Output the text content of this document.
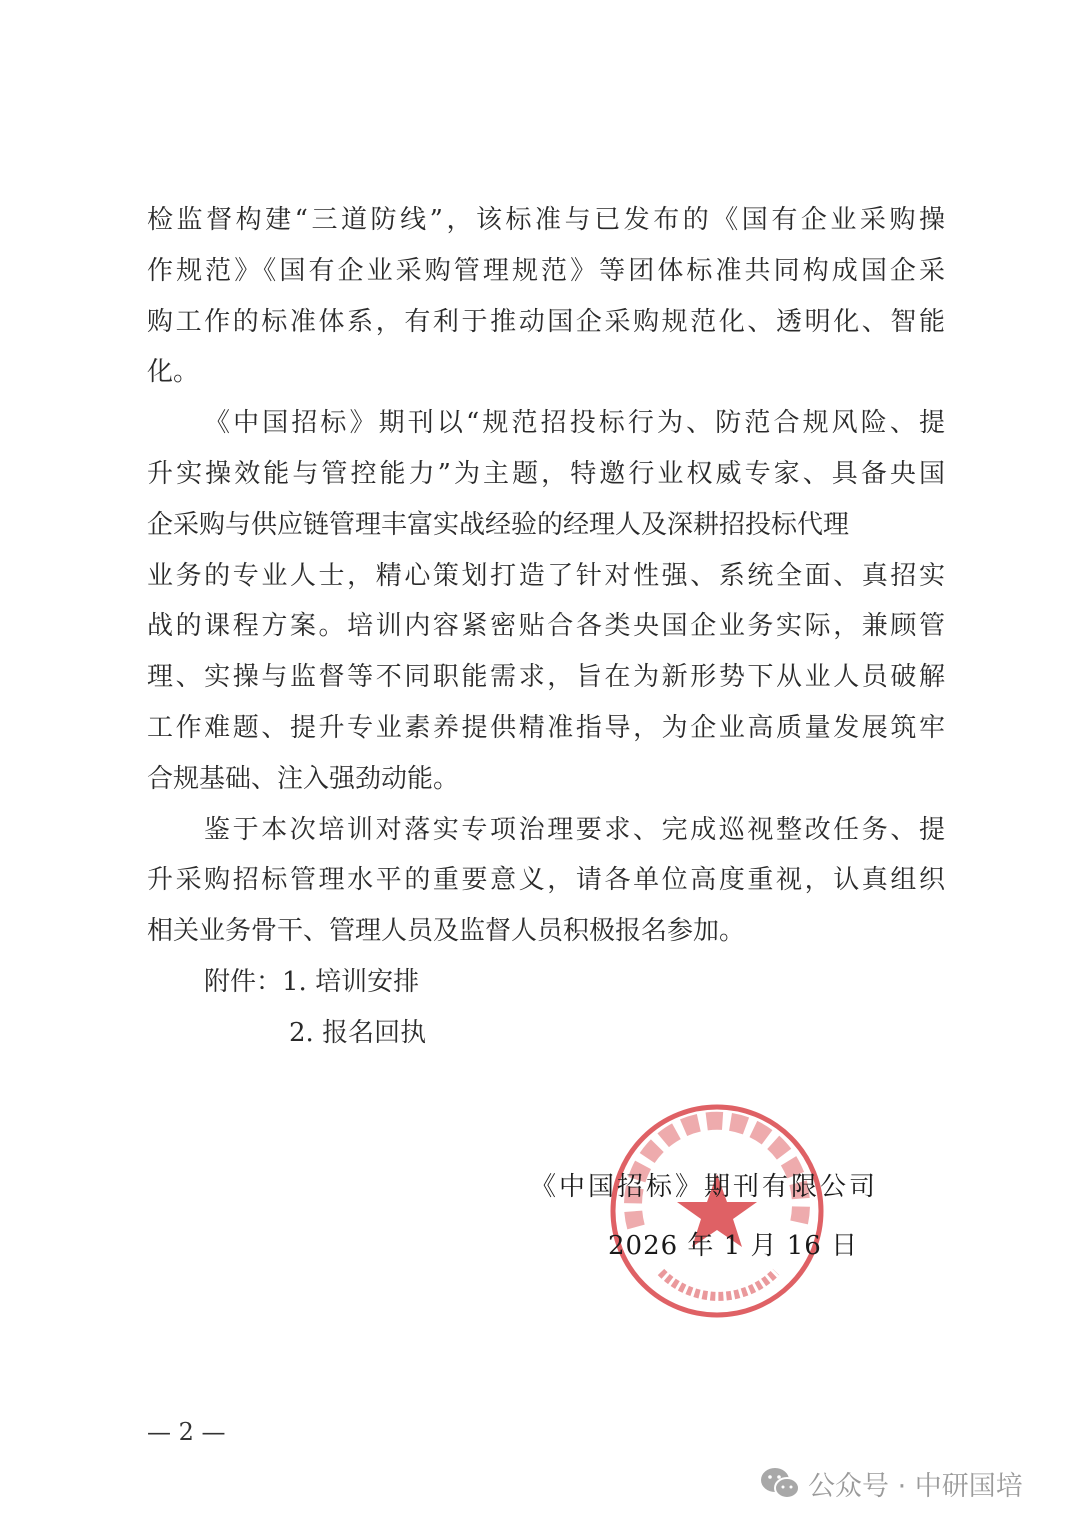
检监督构建“三道防线”，该标准与已发布的《国有企业采购操
作规范》《国有企业采购管理规范》等团体标准共同构成国企采
购工作的标准体系，有利于推动国企采购规范化、透明化、智能
化。
《中国招标》期刊以“规范招投标行为、防范合规风险、提
升实操效能与管控能力”为主题，特邀行业权威专家、具备央国
企采购与供应链管理丰富实战经验的经理人及深耕招投标代理
业务的专业人士，精心策划打造了针对性强、系统全面、真招实
战的课程方案。培训内容紧密贴合各类央国企业务实际，兼顾管
理、实操与监督等不同职能需求，旨在为新形势下从业人员破解
工作难题、提升专业素养提供精准指导，为企业高质量发展筑牢
合规基础、注入强劲动能。
鉴于本次培训对落实专项治理要求、完成巡视整改任务、提
升采购招标管理水平的重要意义，请各单位高度重视，认真组织
相关业务骨干、管理人员及监督人员积极报名参加。
附件：1. 培训安排
2. 报名回执
《中国招标》期刊有限公司
2026 年 1 月 16 日
— 2 —
公众号 · 中研国培
